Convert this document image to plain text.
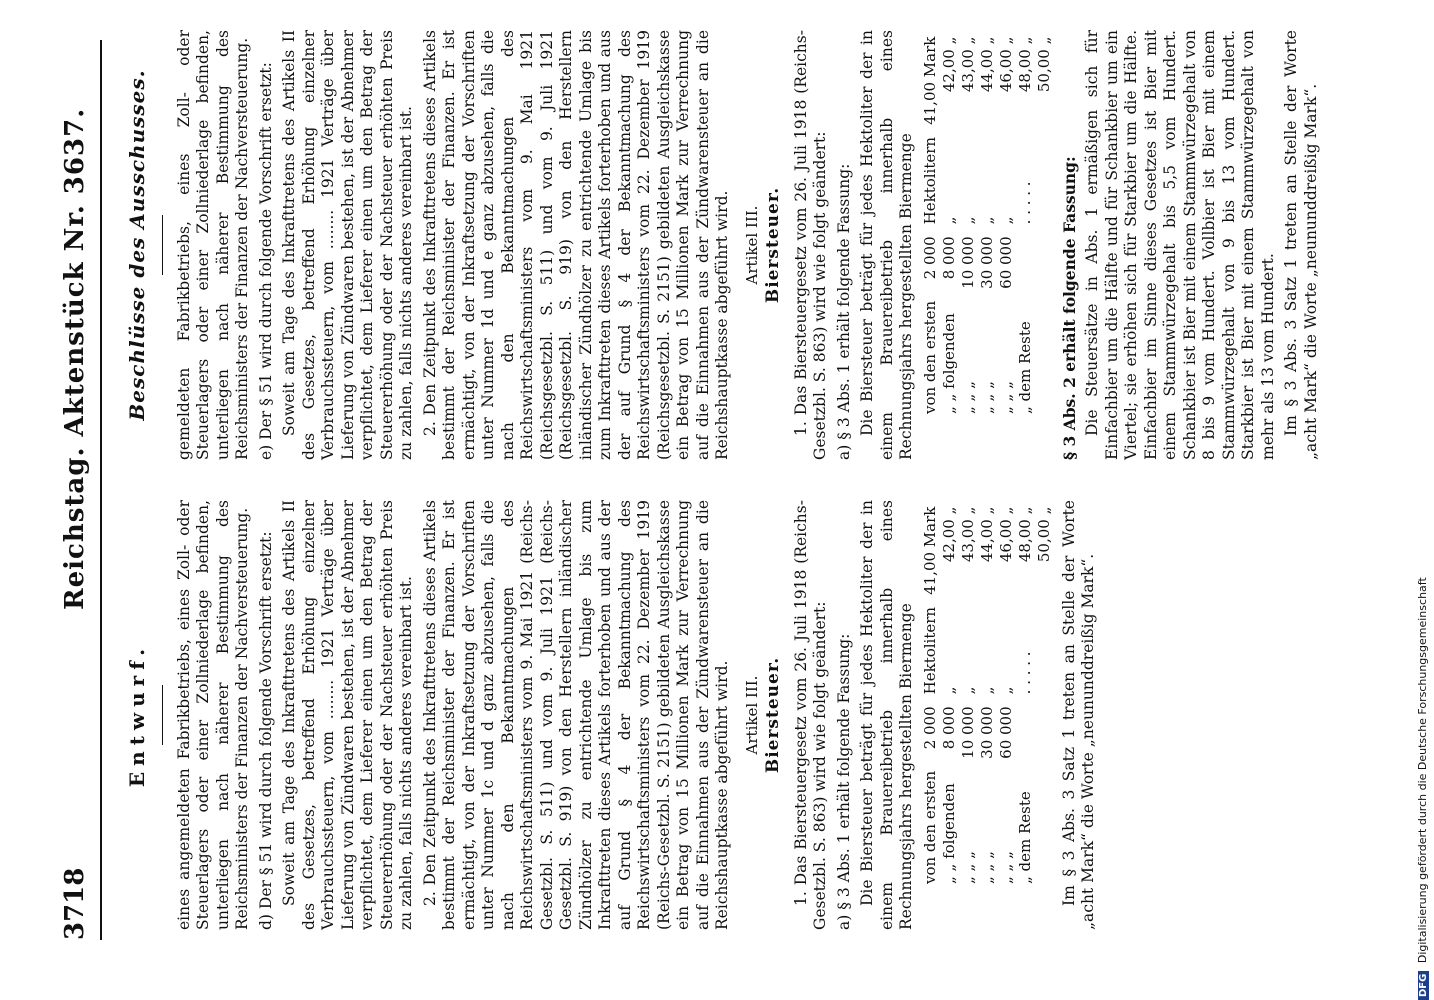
3718
Reichstag. Aktenstück Nr. 3637.
Entwurf. eines angemeldeten Fabrikbetriebs, eines Zoll- oder Steuerlagers oder einer Zollniederlage befinden, unterliegen nach näherer Bestimmung des Reichsministers der Finanzen der Nachversteuerung. d) Der § 51 wird durch folgende Vorschrift ersetzt: Soweit am Tage des Inkrafttretens des Artikels II des Gesetzes, betreffend Erhöhung einzelner Verbrauchssteuern, vom ........ 1921 Verträge über Lieferung von Zündwaren bestehen, ist der Abnehmer verpflichtet, dem Lieferer einen um den Betrag der Steuererhöhung oder der Nachsteuer erhöhten Preis zu zahlen, falls nichts anderes vereinbart ist. 2. Den Zeitpunkt des Inkrafttretens dieses Artikels bestimmt der Reichsminister der Finanzen. Er ist ermächtigt, von der Inkraftsetzung der Vorschriften unter Nummer 1c und d ganz abzusehen, falls die nach den Bekanntmachungen des Reichswirtschaftsministers vom 9. Mai 1921 (Reichs-Gesetzbl. S. 511) und vom 9. Juli 1921 (Reichs-Gesetzbl. S. 919) von den Herstellern inländischer Zündhölzer zu entrichtende Umlage bis zum Inkrafttreten dieses Artikels forterhoben und aus der auf Grund § 4 der Bekanntmachung des Reichswirtschaftsministers vom 22. Dezember 1919 (Reichs-Gesetzbl. S. 2151) gebildeten Ausgleichskasse ein Betrag von 15 Millionen Mark zur Verrechnung auf die Einnahmen aus der Zündwarensteuer an die Reichshauptkasse abgeführt wird. Artikel III. Biersteuer. 1. Das Biersteuergesetz vom 26. Juli 1918 (Reichs-Gesetzbl. S. 863) wird wie folgt geändert: a) § 3 Abs. 1 erhält folgende Fassung: Die Biersteuer beträgt für jedes Hektoliter der in einem Brauereibetrieb innerhalb eines Rechnungsjahrs hergestellten Biermenge von den ersten	2 000	Hektolitern	41,00 Mark
„ „ folgenden	8 000	„	42,00 „
„ „ „	10 000	„	43,00 „
„ „ „	30 000	„	44,00 „
„ „ „	60 000	„	46,00 „
„ dem Reste		. . . . .	48,00 „
			50,00 „ Im § 3 Abs. 3 Satz 1 treten an Stelle der Worte „acht Mark“ die Worte „neununddreißig Mark“.

Beschlüsse des Ausschusses. gemeldeten Fabrikbetriebs, eines Zoll- oder Steuerlagers oder einer Zollniederlage befinden, unterliegen nach näherer Bestimmung des Reichsministers der Finanzen der Nachversteuerung. e) Der § 51 wird durch folgende Vorschrift ersetzt: Soweit am Tage des Inkrafttretens des Artikels II des Gesetzes, betreffend Erhöhung einzelner Verbrauchssteuern, vom ........ 1921 Verträge über Lieferung von Zündwaren bestehen, ist der Abnehmer verpflichtet, dem Lieferer einen um den Betrag der Steuererhöhung oder der Nachsteuer erhöhten Preis zu zahlen, falls nichts anderes vereinbart ist. 2. Den Zeitpunkt des Inkrafttretens dieses Artikels bestimmt der Reichsminister der Finanzen. Er ist ermächtigt, von der Inkraftsetzung der Vorschriften unter Nummer 1d und e ganz abzusehen, falls die nach den Bekanntmachungen des Reichswirtschaftsministers vom 9. Mai 1921 (Reichsgesetzbl. S. 511) und vom 9. Juli 1921 (Reichsgesetzbl. S. 919) von den Herstellern inländischer Zündhölzer zu entrichtende Umlage bis zum Inkrafttreten dieses Artikels forterhoben und aus der auf Grund § 4 der Bekanntmachung des Reichswirtschaftsministers vom 22. Dezember 1919 (Reichsgesetzbl. S. 2151) gebildeten Ausgleichskasse ein Betrag von 15 Millionen Mark zur Verrechnung auf die Einnahmen aus der Zündwarensteuer an die Reichshauptkasse abgeführt wird. Artikel III. Biersteuer. 1. Das Biersteuergesetz vom 26. Juli 1918 (Reichs-Gesetzbl. S. 863) wird wie folgt geändert: a) § 3 Abs. 1 erhält folgende Fassung: Die Biersteuer beträgt für jedes Hektoliter der in einem Brauereibetrieb innerhalb eines Rechnungsjahrs hergestellten Biermenge von den ersten	2 000	Hektolitern	41,00 Mark
„ „ folgenden	8 000	„	42,00 „
„ „ „	10 000	„	43,00 „
„ „ „	30 000	„	44,00 „
„ „ „	60 000	„	46,00 „
„ dem Reste		. . . . .	48,00 „
			50,00 „

§ 3 Abs. 2 erhält folgende Fassung: Die Steuersätze in Abs. 1 ermäßigen sich für Einfachbier um die Hälfte und für Schankbier um ein Viertel; sie erhöhen sich für Starkbier um die Hälfte. Einfachbier im Sinne dieses Gesetzes ist Bier mit einem Stammwürzegehalt bis 5,5 vom Hundert. Schankbier ist Bier mit einem Stammwürzegehalt von 8 bis 9 vom Hundert. Vollbier ist Bier mit einem Stammwürzegehalt von 9 bis 13 vom Hundert. Starkbier ist Bier mit einem Stammwürzegehalt von mehr als 13 vom Hundert. Im § 3 Abs. 3 Satz 1 treten an Stelle der Worte „acht Mark“ die Worte „neununddreißig Mark“.

DFG Digitalisierung gefördert durch die Deutsche Forschungsgemeinschaft
